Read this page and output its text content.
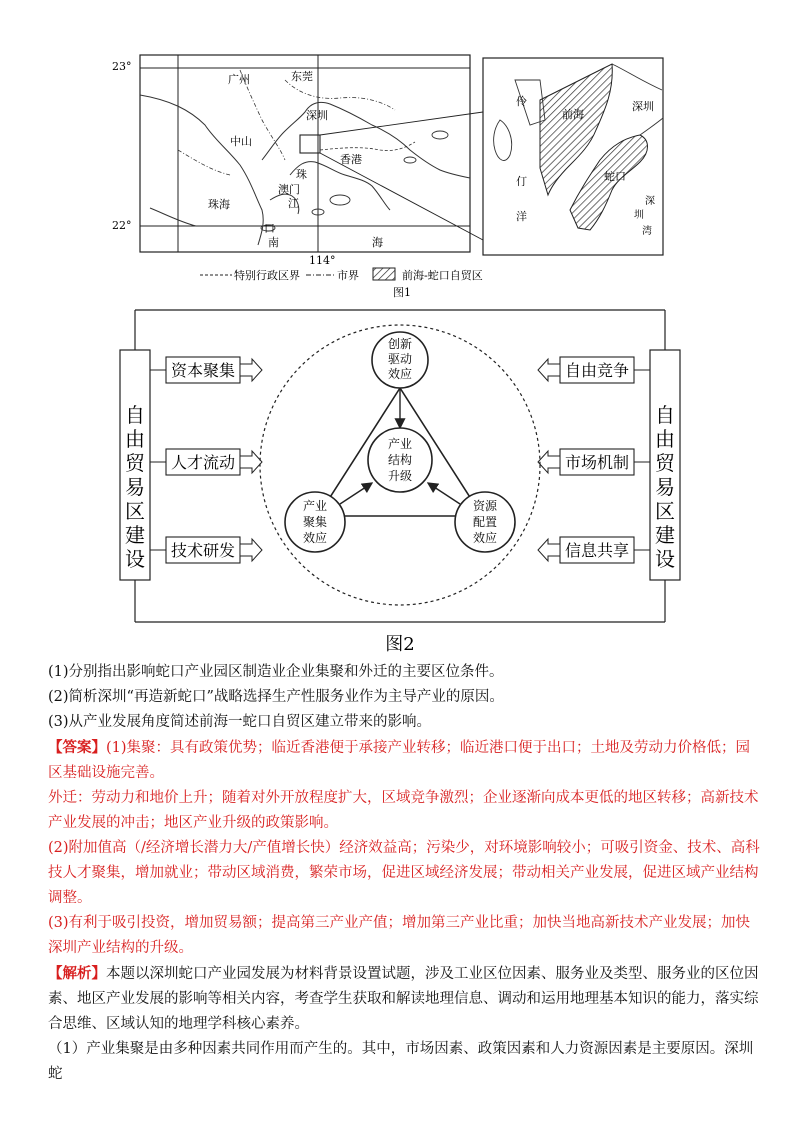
23°
22°
114°
广州	东莞
深圳
中山
香港
珠
澳门
江
口
珠海
南	海
伶
仃
洋
前海
深圳
蛇口
深
圳
湾
特别行政区界	市界	前海-蛇口自贸区
图1
自
由
贸
易
区
建
设
自
由
贸
易
区
建
设
资本聚集
人才流动
技术研发
自由竞争
市场机制
信息共享
创新
驱动
效应
产业
结构
升级
产业
聚集
效应
资源
配置
效应
图2

(1)分别指出影响蛇口产业园区制造业企业集聚和外迁的主要区位条件。

(2)简析深圳“再造新蛇口”战略选择生产性服务业作为主导产业的原因。

(3)从产业发展角度简述前海一蛇口自贸区建立带来的影响。

【答案】(1)集聚：具有政策优势；临近香港便于承接产业转移；临近港口便于出口；土地及劳动力价格低；园区基础设施完善。

外迁：劳动力和地价上升；随着对外开放程度扩大，区域竞争激烈；企业逐渐向成本更低的地区转移；高新技术产业发展的冲击；地区产业升级的政策影响。

(2)附加值高（/经济增长潜力大/产值增长快）经济效益高；污染少，对环境影响较小；可吸引资金、技术、高科技人才聚集，增加就业；带动区域消费，繁荣市场，促进区域经济发展；带动相关产业发展，促进区域产业结构调整。

(3)有利于吸引投资，增加贸易额；提高第三产业产值；增加第三产业比重；加快当地高新技术产业发展；加快深圳产业结构的升级。

【解析】本题以深圳蛇口产业园发展为材料背景设置试题，涉及工业区位因素、服务业及类型、服务业的区位因素、地区产业发展的影响等相关内容，考查学生获取和解读地理信息、调动和运用地理基本知识的能力，落实综合思维、区域认知的地理学科核心素养。

（1）产业集聚是由多种因素共同作用而产生的。其中，市场因素、政策因素和人力资源因素是主要原因。深圳蛇
